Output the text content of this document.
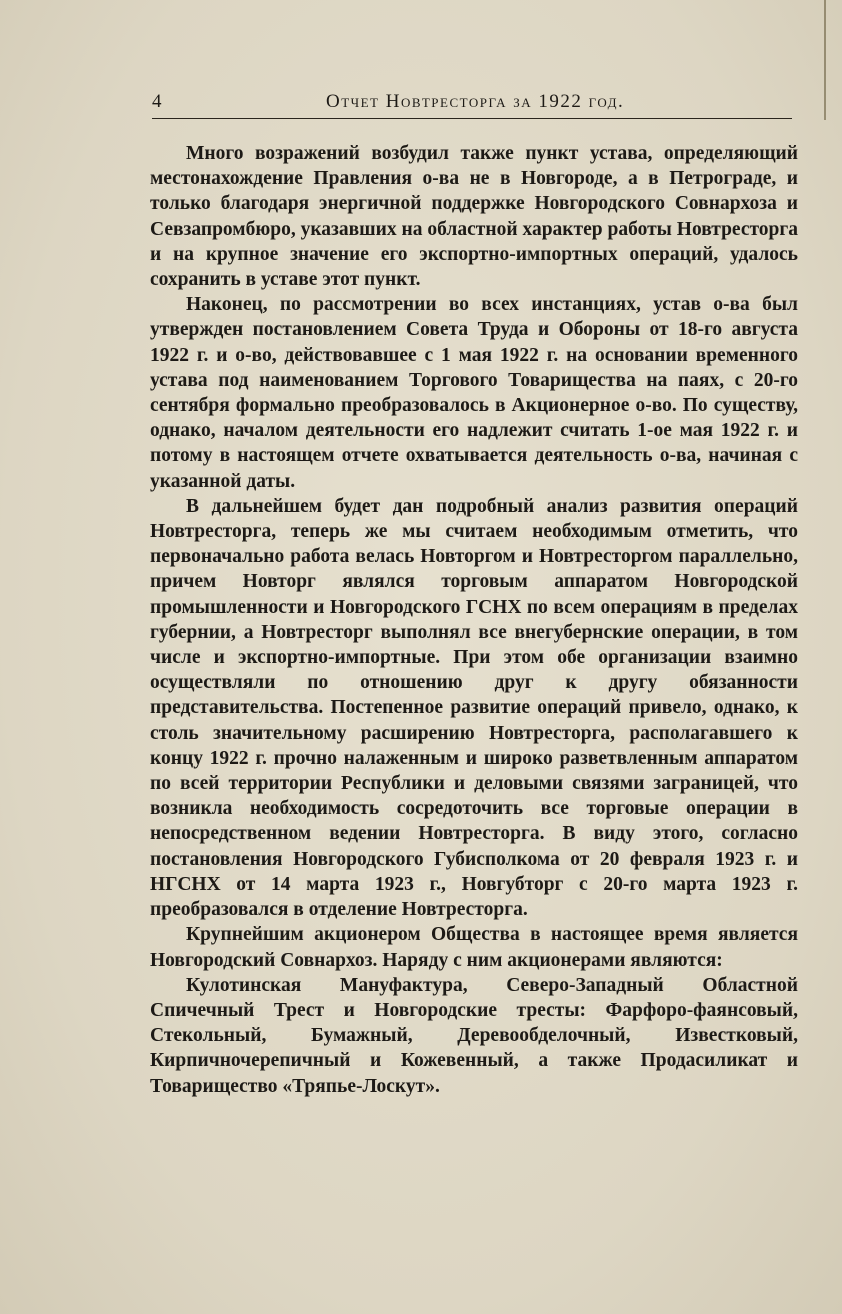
4	Отчет Новтресторга за 1922 год.

Много возражений возбудил также пункт устава, определяющий местонахождение Правления о-ва не в Новгороде, а в Петрограде, и только благодаря энергичной поддержке Новгородского Совнархоза и Севзапромбюро, указавших на областной характер работы Новтресторга и на крупное значение его экспортно-импортных операций, удалось сохранить в уставе этот пункт.

Наконец, по рассмотрении во всех инстанциях, устав о-ва был утвержден постановлением Совета Труда и Обороны от 18-го августа 1922 г. и о-во, действовавшее с 1 мая 1922 г. на основании временного устава под наименованием Торгового Товарищества на паях, с 20-го сентября формально преобразовалось в Акционерное о-во. По существу, однако, началом деятельности его надлежит считать 1-ое мая 1922 г. и потому в настоящем отчете охватывается деятельность о-ва, начиная с указанной даты.

В дальнейшем будет дан подробный анализ развития операций Новтресторга, теперь же мы считаем необходимым отметить, что первоначально работа велась Новторгом и Новтресторгом параллельно, причем Новторг являлся торговым аппаратом Новгородской промышленности и Новгородского ГСНХ по всем операциям в пределах губернии, а Новтресторг выполнял все внегубернские операции, в том числе и экспортно-импортные. При этом обе организации взаимно осуществляли по отношению друг к другу обязанности представительства. Постепенное развитие операций привело, однако, к столь значительному расширению Новтресторга, располагавшего к концу 1922 г. прочно налаженным и широко разветвленным аппаратом по всей территории Республики и деловыми связями заграницей, что возникла необходимость сосредоточить все торговые операции в непосредственном ведении Новтресторга. В виду этого, согласно постановления Новгородского Губисполкома от 20 февраля 1923 г. и НГСНХ от 14 марта 1923 г., Новгубторг с 20-го марта 1923 г. преобразовался в отделение Новтресторга.

Крупнейшим акционером Общества в настоящее время является Новгородский Совнархоз. Наряду с ним акционерами являются:

Кулотинская Мануфактура, Северо-Западный Областной Спичечный Трест и Новгородские тресты: Фарфоро-фаянсовый, Стекольный, Бумажный, Деревообделочный, Известковый, Кирпичночерепичный и Кожевенный, а также Продасиликат и Товарищество «Тряпье-Лоскут».
